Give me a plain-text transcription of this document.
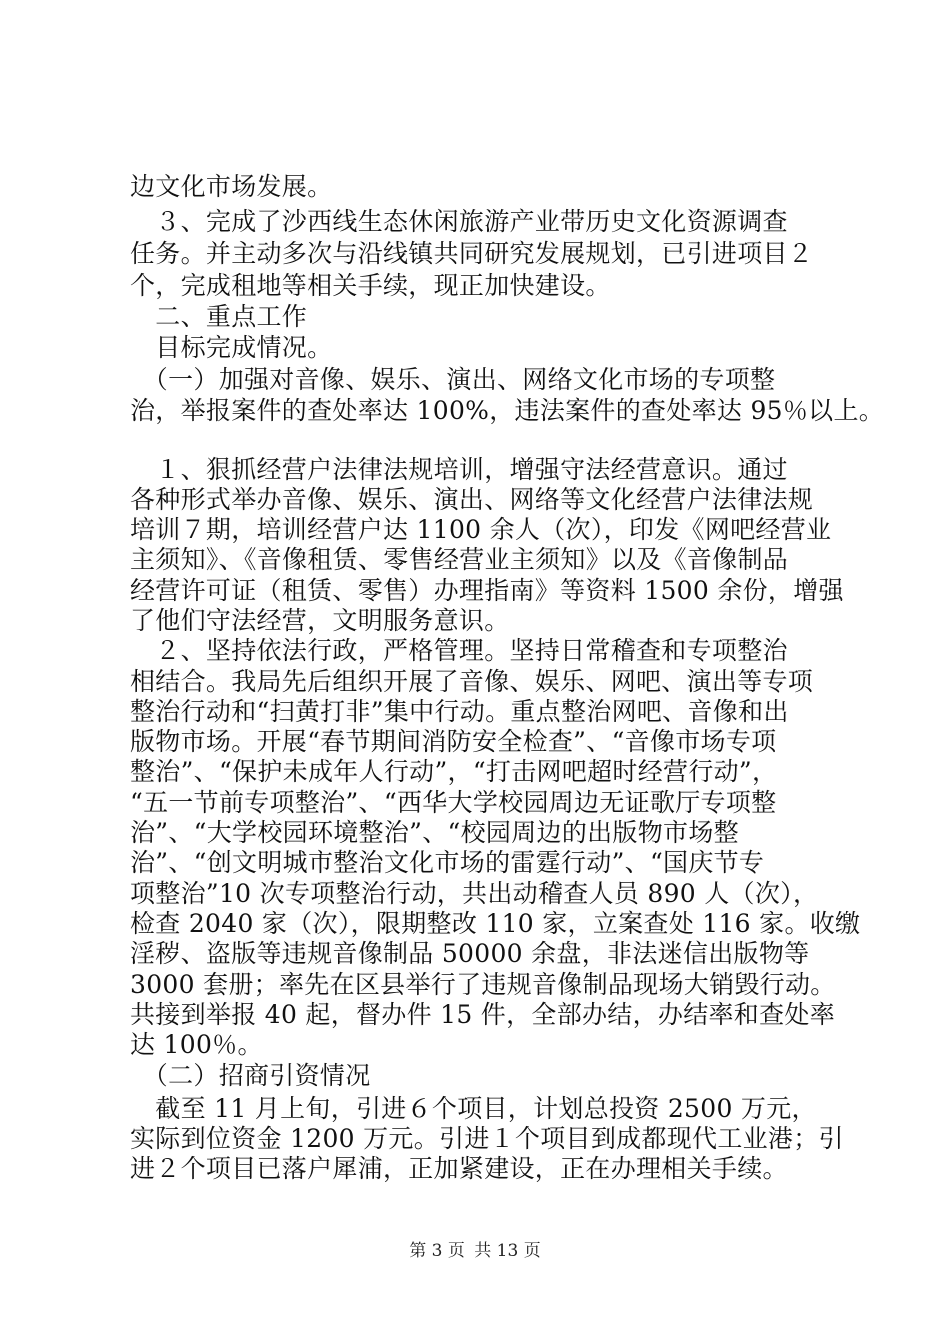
边文化市场发展。
　３、完成了沙西线生态休闲旅游产业带历史文化资源调查
任务。并主动多次与沿线镇共同研究发展规划，已引进项目２
个，完成租地等相关手续，现正加快建设。
　二、重点工作
　目标完成情况。
　（一）加强对音像、娱乐、演出、网络文化市场的专项整
治，举报案件的查处率达 100%，违法案件的查处率达 95％以上。
　１、狠抓经营户法律法规培训，增强守法经营意识。通过
各种形式举办音像、娱乐、演出、网络等文化经营户法律法规
培训７期，培训经营户达 1100 余人（次），印发《网吧经营业
主须知》、《音像租赁、零售经营业主须知》以及《音像制品
经营许可证（租赁、零售）办理指南》等资料 1500 余份，增强
了他们守法经营，文明服务意识。
　２、坚持依法行政，严格管理。坚持日常稽查和专项整治
相结合。我局先后组织开展了音像、娱乐、网吧、演出等专项
整治行动和“扫黄打非”集中行动。重点整治网吧、音像和出
版物市场。开展“春节期间消防安全检查”、“音像市场专项
整治”、“保护未成年人行动”，“打击网吧超时经营行动”，
“五一节前专项整治”、“西华大学校园周边无证歌厅专项整
治”、“大学校园环境整治”、“校园周边的出版物市场整
治”、“创文明城市整治文化市场的雷霆行动”、“国庆节专
项整治”10 次专项整治行动，共出动稽查人员 890 人（次），
检查 2040 家（次），限期整改 110 家，立案查处 116 家。收缴
淫秽、盗版等违规音像制品 50000 余盘，非法迷信出版物等
3000 套册；率先在区县举行了违规音像制品现场大销毁行动。
共接到举报 40 起，督办件 15 件，全部办结，办结率和查处率
达 100％。
　（二）招商引资情况
　截至 11 月上旬，引进６个项目，计划总投资 2500 万元，
实际到位资金 1200 万元。引进１个项目到成都现代工业港；引
进２个项目已落户犀浦，正加紧建设，正在办理相关手续。
第 3 页 共 13 页
